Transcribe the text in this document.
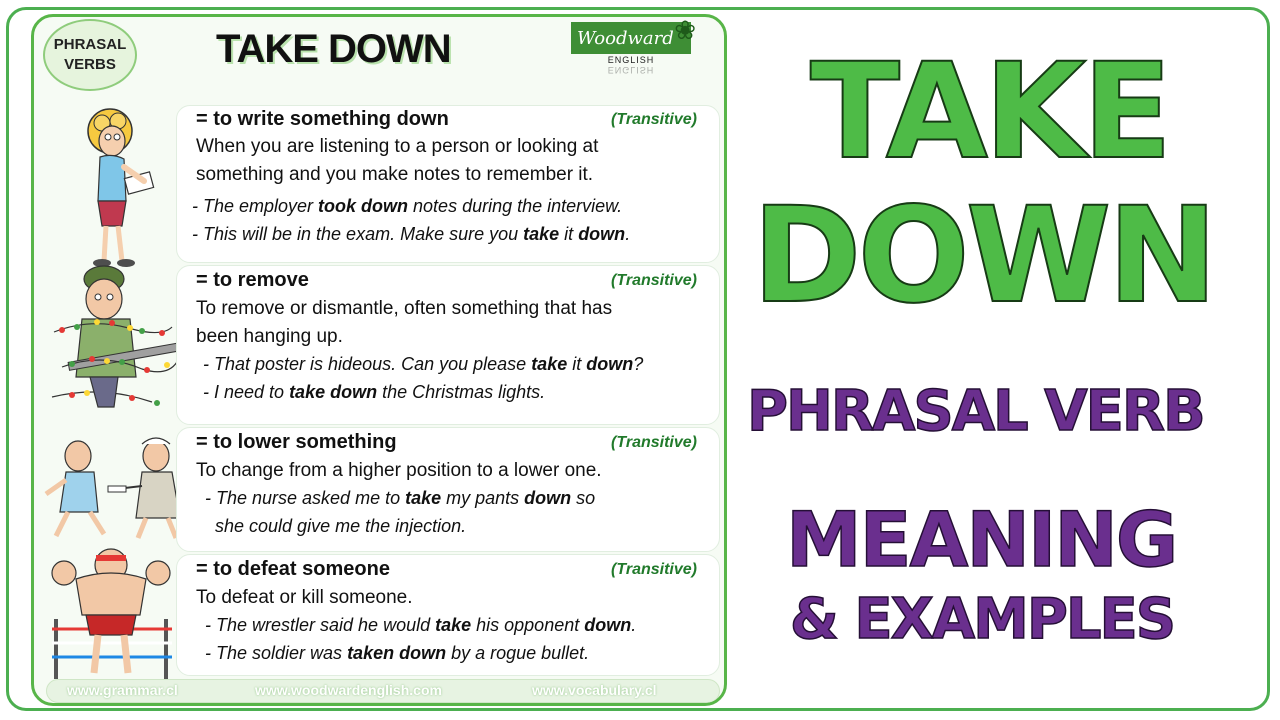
PHRASAL
VERBS	TAKE DOWN	Woodward ❀
ENGLISH
ENGLISH
= to write something down	(Transitive)
When you are listening to a person or looking at
something and you make notes to remember it.
- The employer took down notes during the interview.
- This will be in the exam. Make sure you take it down.
= to remove	(Transitive)
To remove or dismantle, often something that has
been hanging up.
- That poster is hideous. Can you please take it down?
- I need to take down the Christmas lights.
= to lower something	(Transitive)
To change from a higher position to a lower one.
- The nurse asked me to take my pants down so
she could give me the injection.
= to defeat someone	(Transitive)
To defeat or kill someone.
- The wrestler said he would take his opponent down.
- The soldier was taken down by a rogue bullet.
www.grammar.cl	www.woodwardenglish.com	www.vocabulary.cl
TAKE
DOWN
PHRASAL VERB
MEANING
& EXAMPLES
